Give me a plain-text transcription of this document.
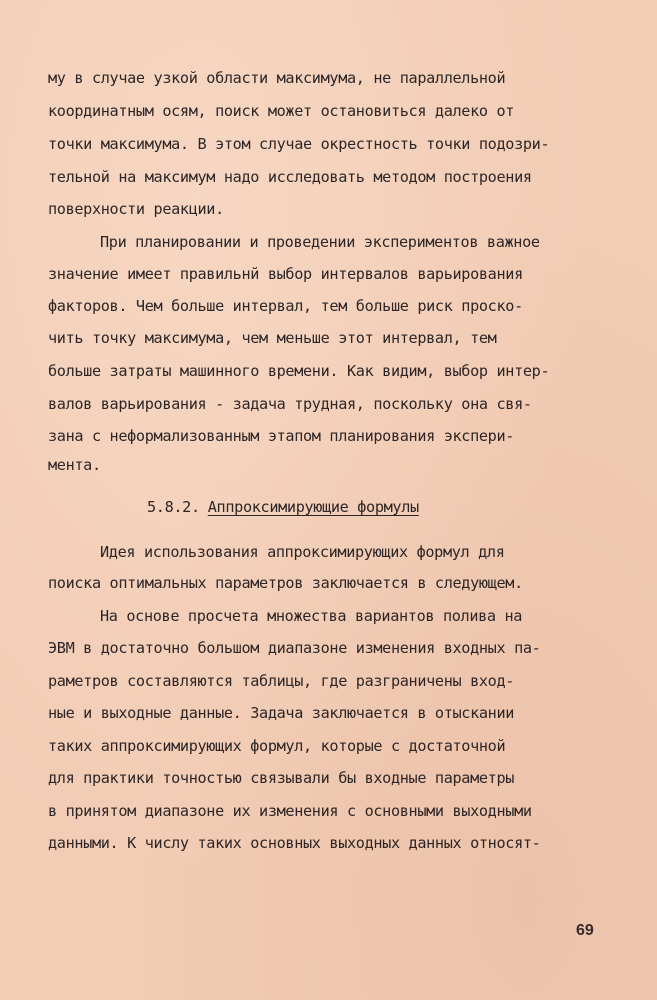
му в случае узкой области максимума, не параллельной
координатным осям, поиск может остановиться далеко от
точки максимума. В этом случае окрестность точки подозри-
тельной на максимум надо исследовать методом построения
поверхности реакции.
При планировании и проведении экспериментов важное
значение имеет правильнй выбор интервалов варьирования
факторов. Чем больше интервал, тем больше риск проско-
чить точку максимума, чем меньше этот интервал, тем
больше затраты машинного времени. Как видим, выбор интер-
валов варьирования - задача трудная, поскольку она свя-
зана с неформализованным этапом планирования экспери-
мента.
5.8.2. Аппроксимирующие формулы
Идея использования аппроксимирующих формул для
поиска оптимальных параметров заключается в следующем.
На основе просчета множества вариантов полива на
ЭВМ в достаточно большом диапазоне изменения входных па-
раметров составляются таблицы, где разграничены вход-
ные и выходные данные. Задача заключается в отыскании
таких аппроксимирующих формул, которые с достаточной
для практики точностью связывали бы входные параметры
в принятом диапазоне их изменения с основными выходными
данными. К числу таких основных выходных данных относят-
69
